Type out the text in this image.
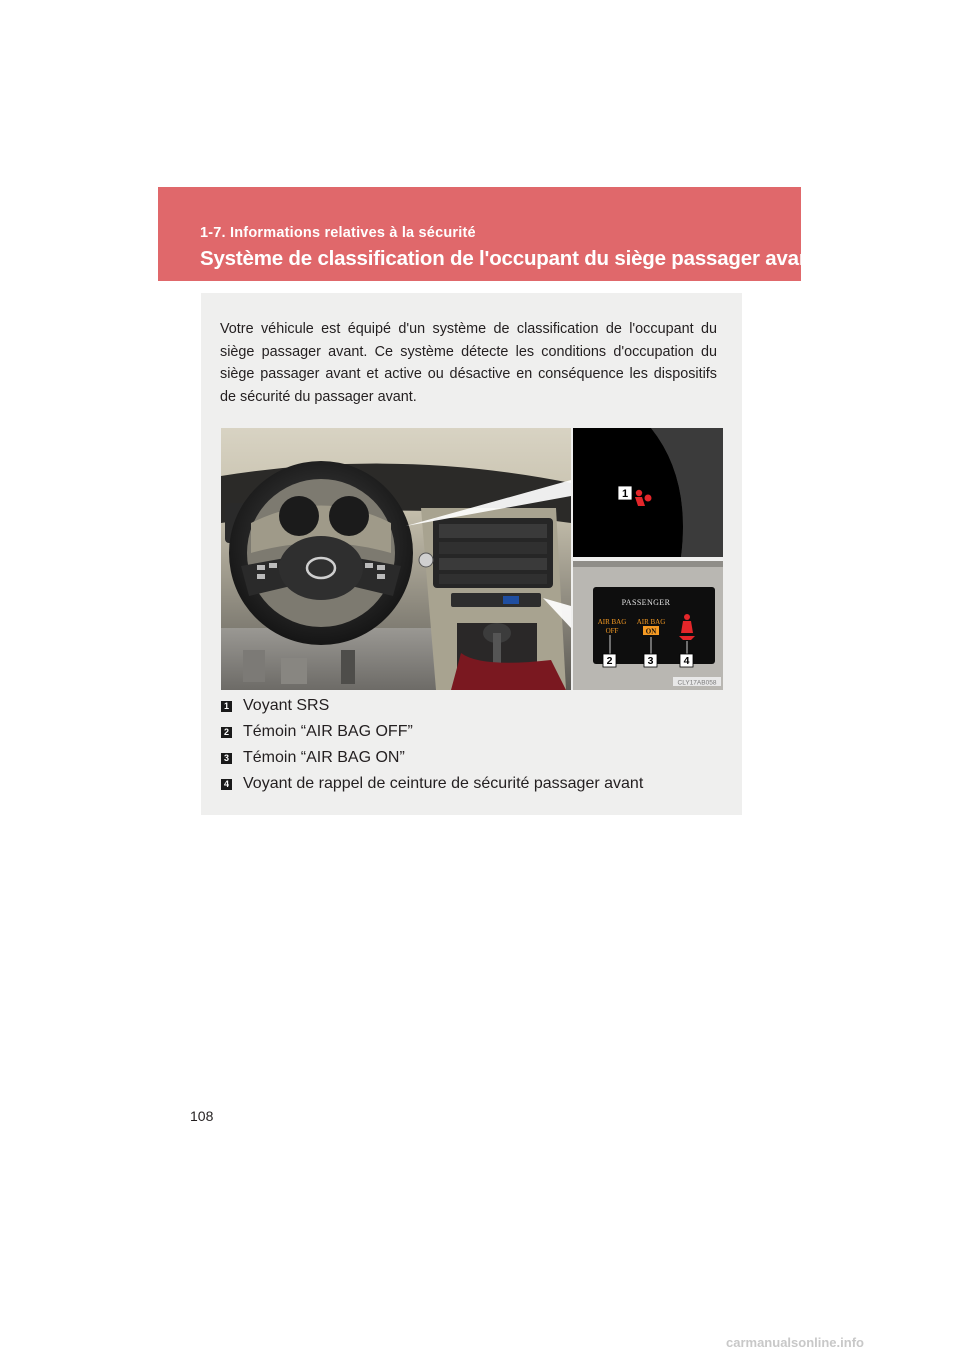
1-7. Informations relatives à la sécurité
Système de classification de l'occupant du siège passager avant

Votre véhicule est équipé d'un système de classification de l'occupant du siège passager avant. Ce système détecte les conditions d'occupation du siège passager avant et active ou désactive en conséquence les dispositifs de sécurité du passager avant.

1
PASSENGER
AIR BAG
OFF
AIR BAG
ON
2	3	4
CLY17AB058
1 Voyant SRS
2 Témoin “AIR BAG OFF”
3 Témoin “AIR BAG ON”
4 Voyant de rappel de ceinture de sécurité passager avant
108
carmanualsonline.info
